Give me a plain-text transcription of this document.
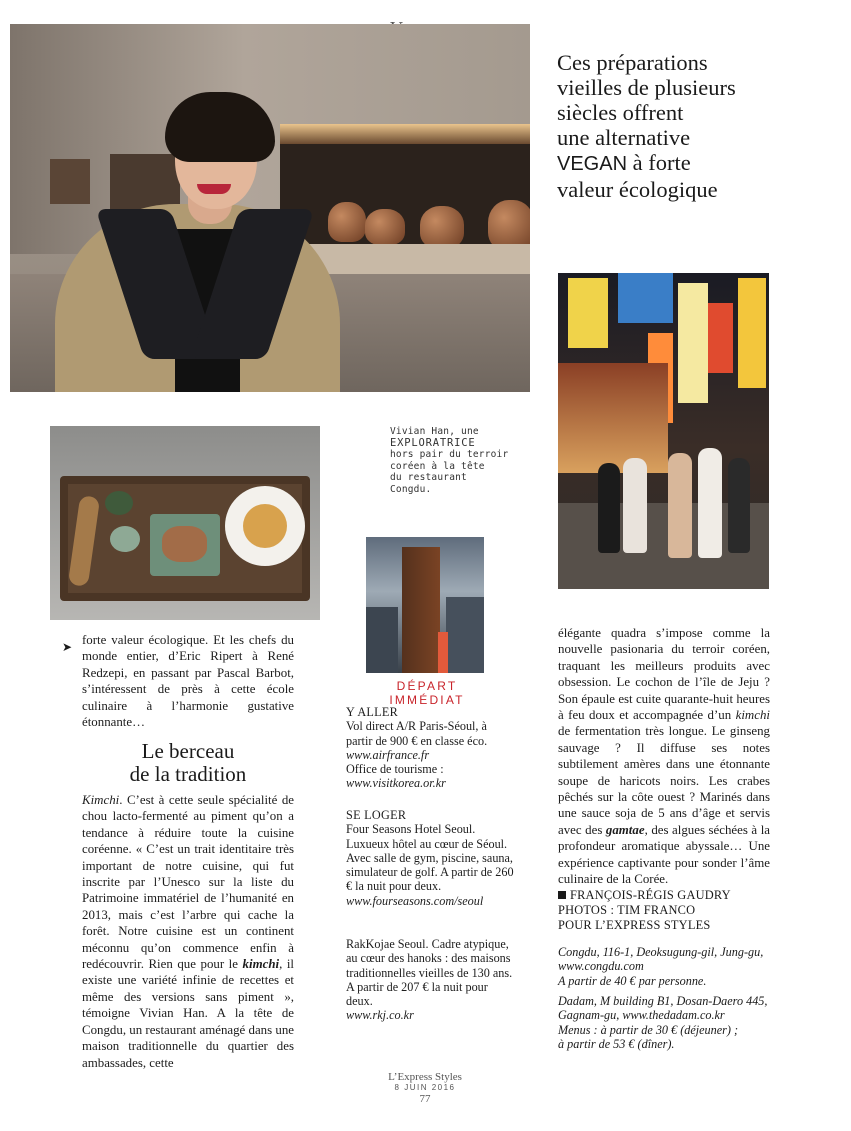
Ces préparations
vieilles de plusieurs
siècles offrent
une alternative
VEGAN à forte
valeur écologique
Vivian Han, une
EXPLORATRICE
hors pair du terroir
coréen à la tête
du restaurant Congdu.
➤ forte valeur écologique. Et les chefs du monde entier, d’Eric Ripert à René Redzepi, en passant par Pascal Barbot, s’intéressent de près à cette école culinaire à l’harmonie gustative étonnante…
Le berceau
de la tradition
Kimchi. C’est à cette seule spécialité de chou lacto-fermenté au piment qu’on a tendance à réduire toute la cuisine coréenne. « C’est un trait identitaire très important de notre cuisine, qui fut inscrite par l’Unesco sur la liste du Patrimoine immatériel de l’humanité en 2013, mais c’est l’arbre qui cache la forêt. Notre cuisine est un continent méconnu qu’on commence enfin à redécouvrir. Rien que pour le kimchi, il existe une variété infinie de recettes et même des versions sans piment », témoigne Vivian Han. A la tête de Congdu, un restaurant aménagé dans une maison traditionnelle du quartier des ambassades, cette
DÉPART IMMÉDIAT
Y ALLER
Vol direct A/R Paris-Séoul, à partir de 900 € en classe éco.
www.airfrance.fr
Office de tourisme :
www.visitkorea.or.kr
SE LOGER
Four Seasons Hotel Seoul. Luxueux hôtel au cœur de Séoul. Avec salle de gym, piscine, sauna, simulateur de golf. A partir de 260 € la nuit pour deux.
www.fourseasons.com/seoul
RakKojae Seoul. Cadre atypique, au cœur des hanoks : des maisons traditionnelles vieilles de 130 ans. A partir de 207 € la nuit pour deux.
www.rkj.co.kr
élégante quadra s’impose comme la nouvelle pasionaria du terroir coréen, traquant les meilleurs produits avec obsession. Le cochon de l’île de Jeju ? Son épaule est cuite quarante-huit heures à feu doux et accompagnée d’un kimchi de fermentation très longue. Le ginseng sauvage ? Il diffuse ses notes subtilement amères dans une étonnante soupe de haricots noirs. Les crabes pêchés sur la côte ouest ? Marinés dans une sauce soja de 5 ans d’âge et servis avec des gamtae, des algues séchées à la profondeur aromatique abyssale… Une expérience captivante pour sonder l’âme culinaire de la Corée.
FRANÇOIS-RÉGIS GAUDRY
PHOTOS : TIM FRANCO
POUR L’EXPRESS STYLES
Congdu, 116-1, Deoksugung-gil, Jung-gu, www.congdu.com
A partir de 40 € par personne.
Dadam, M building B1, Dosan-Daero 445, Gagnam-gu, www.thedadam.co.kr
Menus : à partir de 30 € (déjeuner) ;
à partir de 53 € (dîner).
L’Express Styles
8 JUIN 2016
77
